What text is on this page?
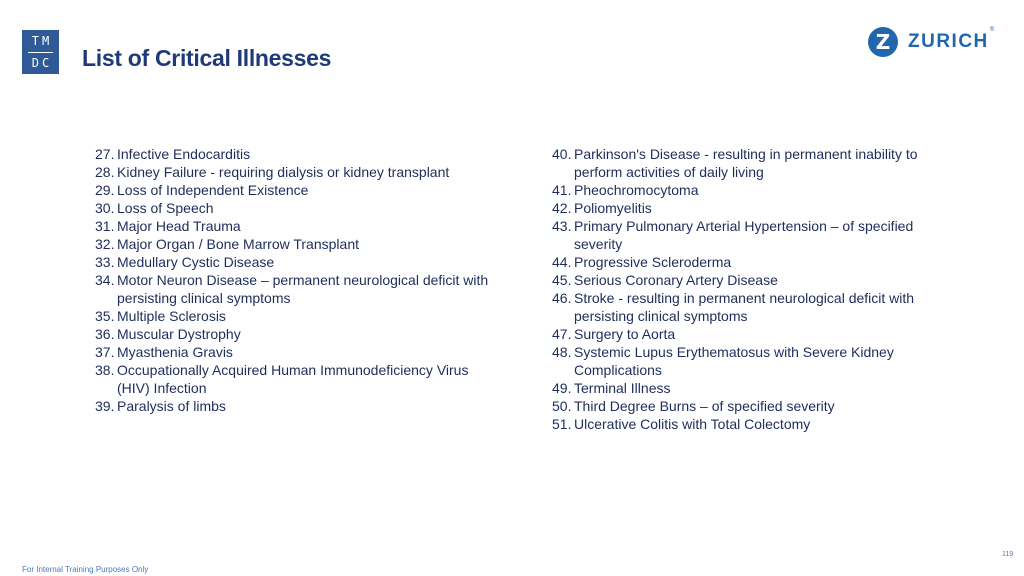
TM
DC List of Critical Illnesses
Z ZURICH
®
27. Infective Endocarditis
28. Kidney Failure - requiring dialysis or kidney transplant
29. Loss of Independent Existence
30. Loss of Speech
31. Major Head Trauma
32. Major Organ / Bone Marrow Transplant
33. Medullary Cystic Disease
34. Motor Neuron Disease – permanent neurological deficit with persisting clinical symptoms
35. Multiple Sclerosis
36. Muscular Dystrophy
37. Myasthenia Gravis
38. Occupationally Acquired Human Immunodeficiency Virus (HIV) Infection
39. Paralysis of limbs
40. Parkinson's Disease - resulting in permanent inability to perform activities of daily living
41. Pheochromocytoma
42. Poliomyelitis
43. Primary Pulmonary Arterial Hypertension – of specified severity
44. Progressive Scleroderma
45. Serious Coronary Artery Disease
46. Stroke - resulting in permanent neurological deficit with persisting clinical symptoms
47. Surgery to Aorta
48. Systemic Lupus Erythematosus with Severe Kidney Complications
49. Terminal Illness
50. Third Degree Burns – of specified severity
51. Ulcerative Colitis with Total Colectomy
For Internal Training Purposes Only
119
